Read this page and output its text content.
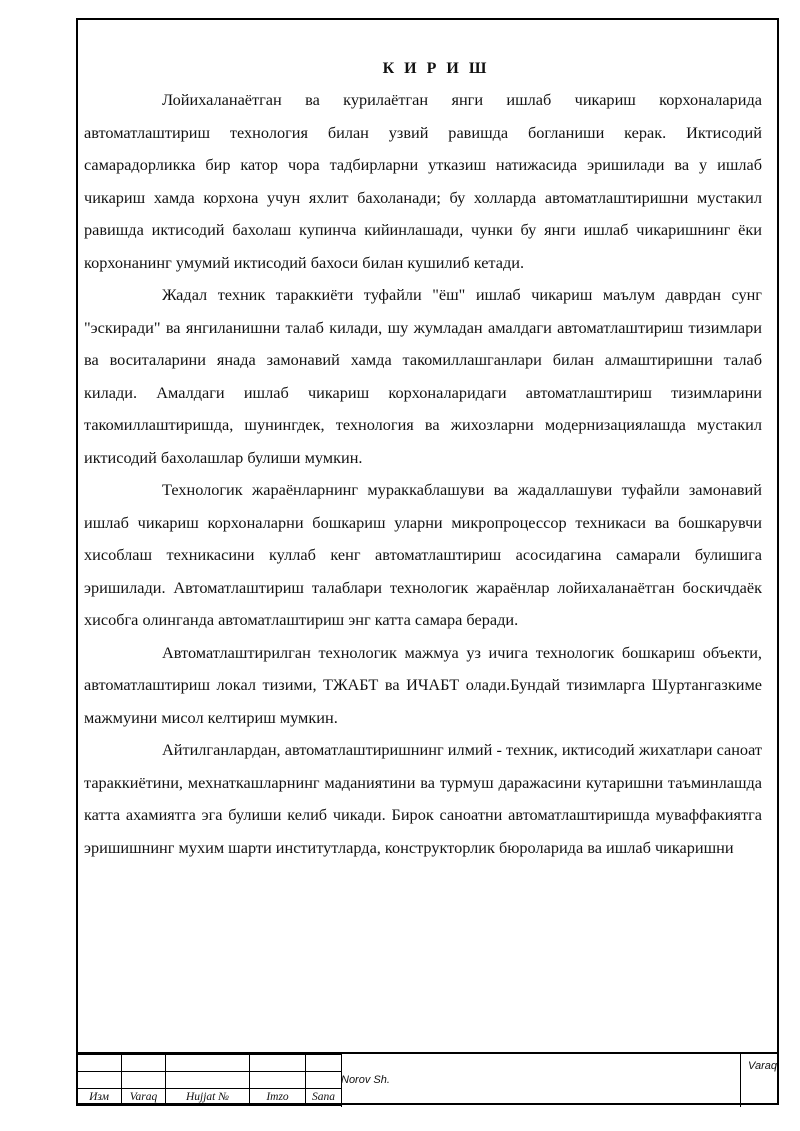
К И Р И Ш

Лойихаланаётган ва курилаётган янги ишлаб чикариш корхоналарида автоматлаштириш технология билан узвий равишда богланиши керак. Иктисодий самарадорликка бир катор чора тадбирларни утказиш натижасида эришилади ва у ишлаб чикариш хамда корхона учун яхлит бахоланади; бу холларда автоматлаштиришни мустакил равишда иктисодий бахолаш купинча кийинлашади, чунки бу янги ишлаб чикаришнинг ёки корхонанинг умумий иктисодий бахоси билан кушилиб кетади.

Жадал техник тараккиёти туфайли "ёш" ишлаб чикариш маълум даврдан сунг "эскиради" ва янгиланишни талаб килади, шу жумладан амалдаги автоматлаштириш тизимлари ва воситаларини янада замонавий хамда такомиллашганлари билан алмаштиришни талаб килади. Амалдаги ишлаб чикариш корхоналаридаги автоматлаштириш тизимларини такомиллаштиришда, шунингдек, технология ва жихозларни модернизациялашда мустакил иктисодий бахолашлар булиши мумкин.

Технологик жараёнларнинг мураккаблашуви ва жадаллашуви туфайли замонавий ишлаб чикариш корхоналарни бошкариш уларни микропроцессор техникаси ва бошкарувчи хисоблаш техникасини куллаб кенг автоматлаштириш асосидагина самарали булишига эришилади. Автоматлаштириш талаблари технологик жараёнлар лойихаланаётган боскичдаёк хисобга олинганда автоматлаштириш энг катта самара беради.

Автоматлаштирилган технологик мажмуа уз ичига технологик бошкариш объекти, автоматлаштириш локал тизими, ТЖАБТ ва ИЧАБТ олади.Бундай тизимларга Шуртангазкиме мажмуини мисол келтириш мумкин.

Айтилганлардан, автоматлаштиришнинг илмий - техник, иктисодий жихатлари саноат тараккиётини, мехнаткашларнинг маданиятини ва турмуш даражасини кутаришни таъминлашда катта ахамиятга эга булиши келиб чикади. Бирок саноатни автоматлаштиришда муваффакиятга эришишнинг мухим шарти институтларда, конструкторлик бюроларида ва ишлаб чикаришни

Изм	Varaq	Hujjat №	Imzo	Sana
Norov Sh.
Varaq
